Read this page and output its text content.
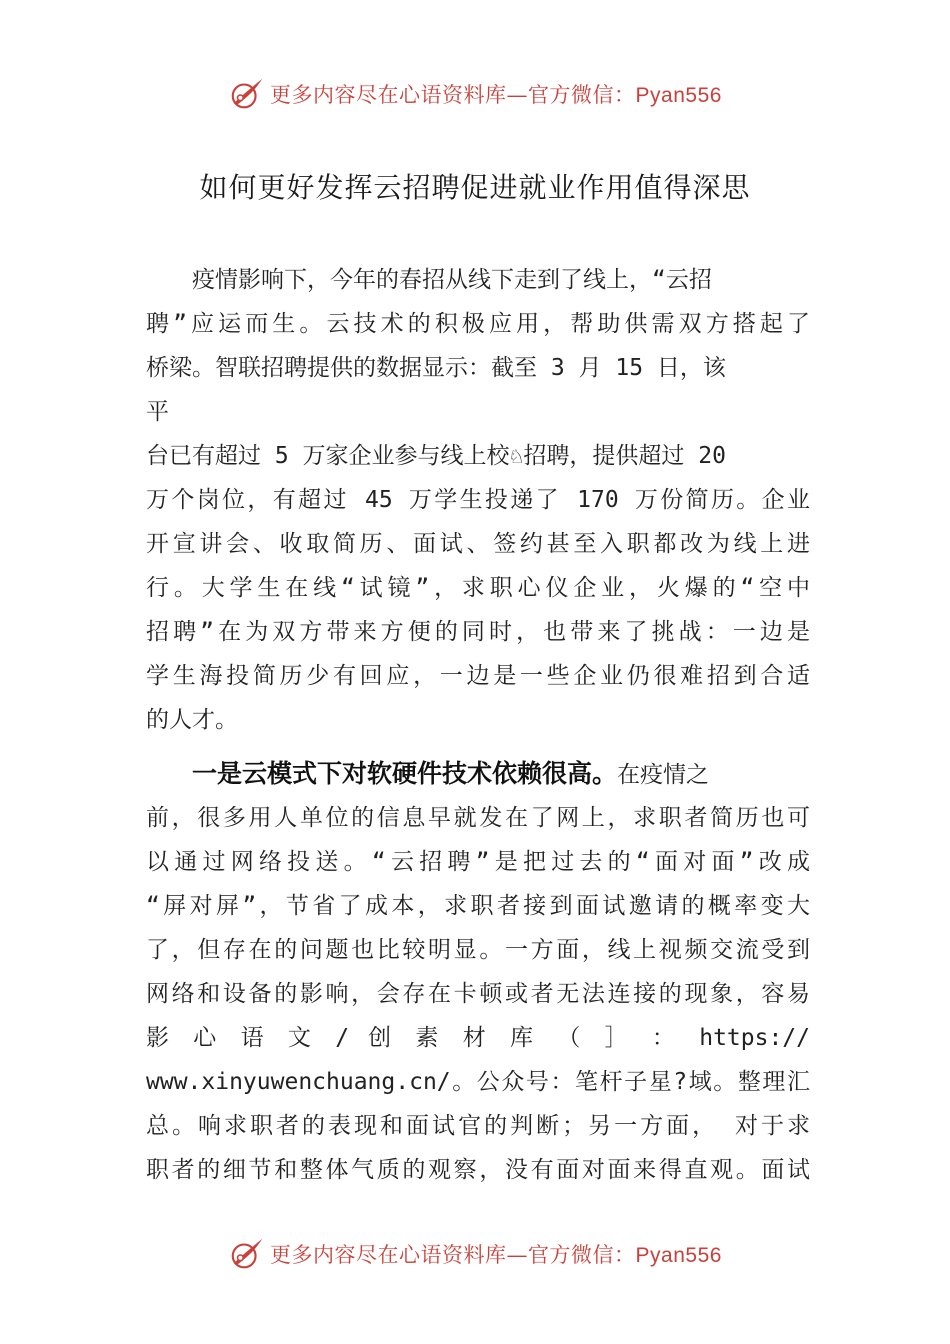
更多内容尽在心语资料库—官方微信：Pyan556
如何更好发挥云招聘促进就业作用值得深思
疫情影响下，今年的春招从线下走到了线上，“云招
聘”应运而生。云技术的积极应用，帮助供需双方搭起了
桥梁。智联招聘提供的数据显示：截至 3 月 15 日，该
平
台已有超过 5 万家企业参与线上校♘招聘，提供超过 20
万个岗位，有超过 45 万学生投递了 170 万份简历。企业
开宣讲会、收取简历、面试、签约甚至入职都改为线上进
行。大学生在线“试镜”，求职心仪企业，火爆的“空中
招聘”在为双方带来方便的同时，也带来了挑战：一边是
学生海投简历少有回应，一边是一些企业仍很难招到合适
的人才。
一是云模式下对软硬件技术依赖很高。在疫情之
前，很多用人单位的信息早就发在了网上，求职者简历也可
以通过网络投送。“云招聘”是把过去的“面对面”改成
“屏对屏”，节省了成本，求职者接到面试邀请的概率变大
了，但存在的问题也比较明显。一方面，线上视频交流受到
网络和设备的影响，会存在卡顿或者无法连接的现象，容易
影 心 语 文 / 创 素 材 库 （ ］ ： https://
www.xinyuwenchuang.cn/。公众号：笔杆子星?域。整理汇
总。响求职者的表现和面试官的判断；另一方面， 对于求
职者的细节和整体气质的观察，没有面对面来得直观。面试
更多内容尽在心语资料库—官方微信：Pyan556
